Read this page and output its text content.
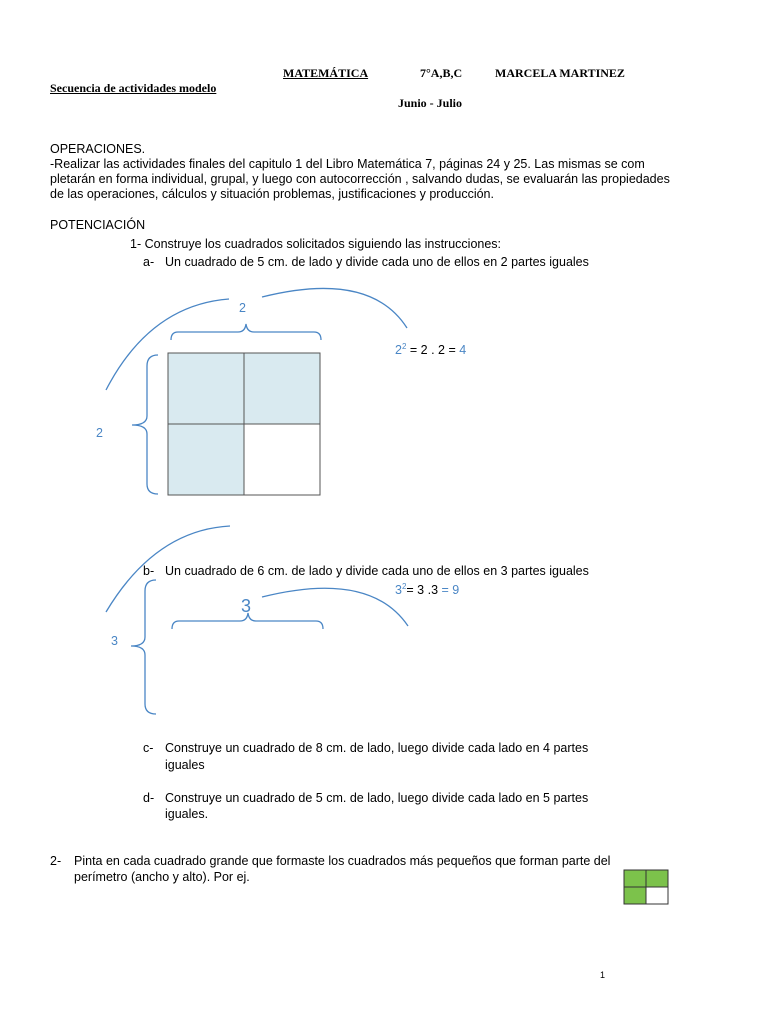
MATEMÁTICA	7°A,B,C	MARCELA MARTINEZ
Secuencia de actividades modelo
Junio - Julio
OPERACIONES.
-Realizar las actividades finales del capitulo 1 del Libro Matemática 7, páginas 24 y 25. Las mismas se com
pletarán en forma individual, grupal, y luego con autocorrección , salvando dudas, se evaluarán las propiedades
de las operaciones, cálculos y situación problemas, justificaciones y producción.
POTENCIACIÓN
1- Construye los cuadrados solicitados siguiendo las instrucciones:
a- Un cuadrado de 5 cm. de lado y divide cada uno de ellos en 2 partes iguales
2
2
$2^2 = 2$ . 2 = 4
b- Un cuadrado de 6 cm. de lado y divide cada uno de ellos en 3 partes iguales
$3^2= 3$ .3 = 9
3
3
c- Construye un cuadrado de 8 cm. de lado, luego divide cada lado en 4 partes
iguales
d- Construye un cuadrado de 5 cm. de lado, luego divide cada lado en 5 partes
iguales.
2- Pinta en cada cuadrado grande que formaste los cuadrados más pequeños que forman parte del
perímetro (ancho y alto). Por ej.
1
